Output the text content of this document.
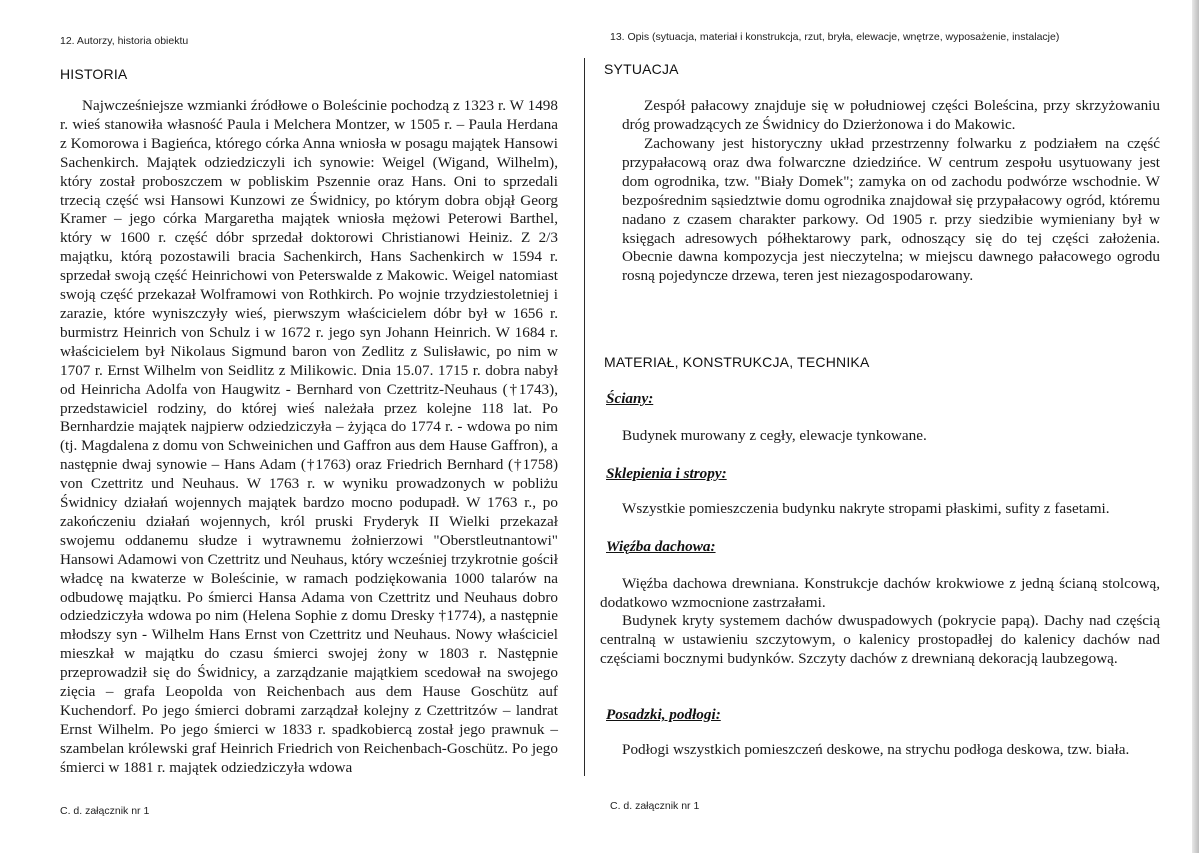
12. Autorzy, historia obiektu
HISTORIA

Najwcześniejsze wzmianki źródłowe o Boleścinie pochodzą z 1323 r. W 1498 r. wieś stanowiła własność Paula i Melchera Montzer, w 1505 r. – Paula Herdana z Komorowa i Bagieńca, którego córka Anna wniosła w posagu majątek Hansowi Sachenkirch. Majątek odziedziczyli ich synowie: Weigel (Wigand, Wilhelm), który został proboszczem w pobliskim Pszennie oraz Hans. Oni to sprzedali trzecią część wsi Hansowi Kunzowi ze Świdnicy, po którym dobra objął Georg Kramer – jego córka Margaretha majątek wniosła mężowi Peterowi Barthel, który w 1600 r. część dóbr sprzedał doktorowi Christianowi Heiniz. Z 2/3 majątku, którą pozostawili bracia Sachenkirch, Hans Sachenkirch w 1594 r. sprzedał swoją część Heinrichowi von Peterswalde z Makowic. Weigel natomiast swoją część przekazał Wolframowi von Rothkirch. Po wojnie trzydziestoletniej i zarazie, które wyniszczyły wieś, pierwszym właścicielem dóbr był w 1656 r. burmistrz Heinrich von Schulz i w 1672 r. jego syn Johann Heinrich. W 1684 r. właścicielem był Nikolaus Sigmund baron von Zedlitz z Sulisławic, po nim w 1707 r. Ernst Wilhelm von Seidlitz z Milikowic. Dnia 15.07. 1715 r. dobra nabył od Heinricha Adolfa von Haugwitz - Bernhard von Czettritz-Neuhaus (†1743), przedstawiciel rodziny, do której wieś należała przez kolejne 118 lat. Po Bernhardzie majątek najpierw odziedziczyła – żyjąca do 1774 r. - wdowa po nim (tj. Magdalena z domu von Schweinichen und Gaffron aus dem Hause Gaffron), a następnie dwaj synowie – Hans Adam (†1763) oraz Friedrich Bernhard (†1758) von Czettritz und Neuhaus. W 1763 r. w wyniku prowadzonych w pobliżu Świdnicy działań wojennych majątek bardzo mocno podupadł. W 1763 r., po zakończeniu działań wojennych, król pruski Fryderyk II Wielki przekazał swojemu oddanemu słudze i wytrawnemu żołnierzowi "Oberstleutnantowi" Hansowi Adamowi von Czettritz und Neuhaus, który wcześniej trzykrotnie gościł władcę na kwaterze w Boleścinie, w ramach podziękowania 1000 talarów na odbudowę majątku. Po śmierci Hansa Adama von Czettritz und Neuhaus dobro odziedziczyła wdowa po nim (Helena Sophie z domu Dresky †1774), a następnie młodszy syn - Wilhelm Hans Ernst von Czettritz und Neuhaus. Nowy właściciel mieszkał w majątku do czasu śmierci swojej żony w 1803 r. Następnie przeprowadził się do Świdnicy, a zarządzanie majątkiem scedował na swojego zięcia – grafa Leopolda von Reichenbach aus dem Hause Goschütz auf Kuchendorf. Po jego śmierci dobrami zarządzał kolejny z Czettritzów – landrat Ernst Wilhelm. Po jego śmierci w 1833 r. spadkobiercą został jego prawnuk – szambelan królewski graf Heinrich Friedrich von Reichenbach-Goschütz. Po jego śmierci w 1881 r. majątek odziedziczyła wdowa

C. d. załącznik nr 1
13. Opis (sytuacja, materiał i konstrukcja, rzut, bryła, elewacje, wnętrze, wyposażenie, instalacje)
SYTUACJA

Zespół pałacowy znajduje się w południowej części Boleścina, przy skrzyżowaniu dróg prowadzących ze Świdnicy do Dzierżonowa i do Makowic.

Zachowany jest historyczny układ przestrzenny folwarku z podziałem na część przypałacową oraz dwa folwarczne dziedzińce. W centrum zespołu usytuowany jest dom ogrodnika, tzw. "Biały Domek"; zamyka on od zachodu podwórze wschodnie. W bezpośrednim sąsiedztwie domu ogrodnika znajdował się przypałacowy ogród, któremu nadano z czasem charakter parkowy. Od 1905 r. przy siedzibie wymieniany był w księgach adresowych półhektarowy park, odnoszący się do tej części założenia. Obecnie dawna kompozycja jest nieczytelna; w miejscu dawnego pałacowego ogrodu rosną pojedyncze drzewa, teren jest niezagospodarowany.

MATERIAŁ, KONSTRUKCJA, TECHNIKA
Ściany:

Budynek murowany z cegły, elewacje tynkowane.

Sklepienia i stropy:

Wszystkie pomieszczenia budynku nakryte stropami płaskimi, sufity z fasetami.

Więźba dachowa:

Więźba dachowa drewniana. Konstrukcje dachów krokwiowe z jedną ścianą stolcową, dodatkowo wzmocnione zastrzałami.

Budynek kryty systemem dachów dwuspadowych (pokrycie papą). Dachy nad częścią centralną w ustawieniu szczytowym, o kalenicy prostopadłej do kalenicy dachów nad częściami bocznymi budynków. Szczyty dachów z drewnianą dekoracją laubzegową.

Posadzki, podłogi:

Podłogi wszystkich pomieszczeń deskowe, na strychu podłoga deskowa, tzw. biała.

C. d. załącznik nr 1
